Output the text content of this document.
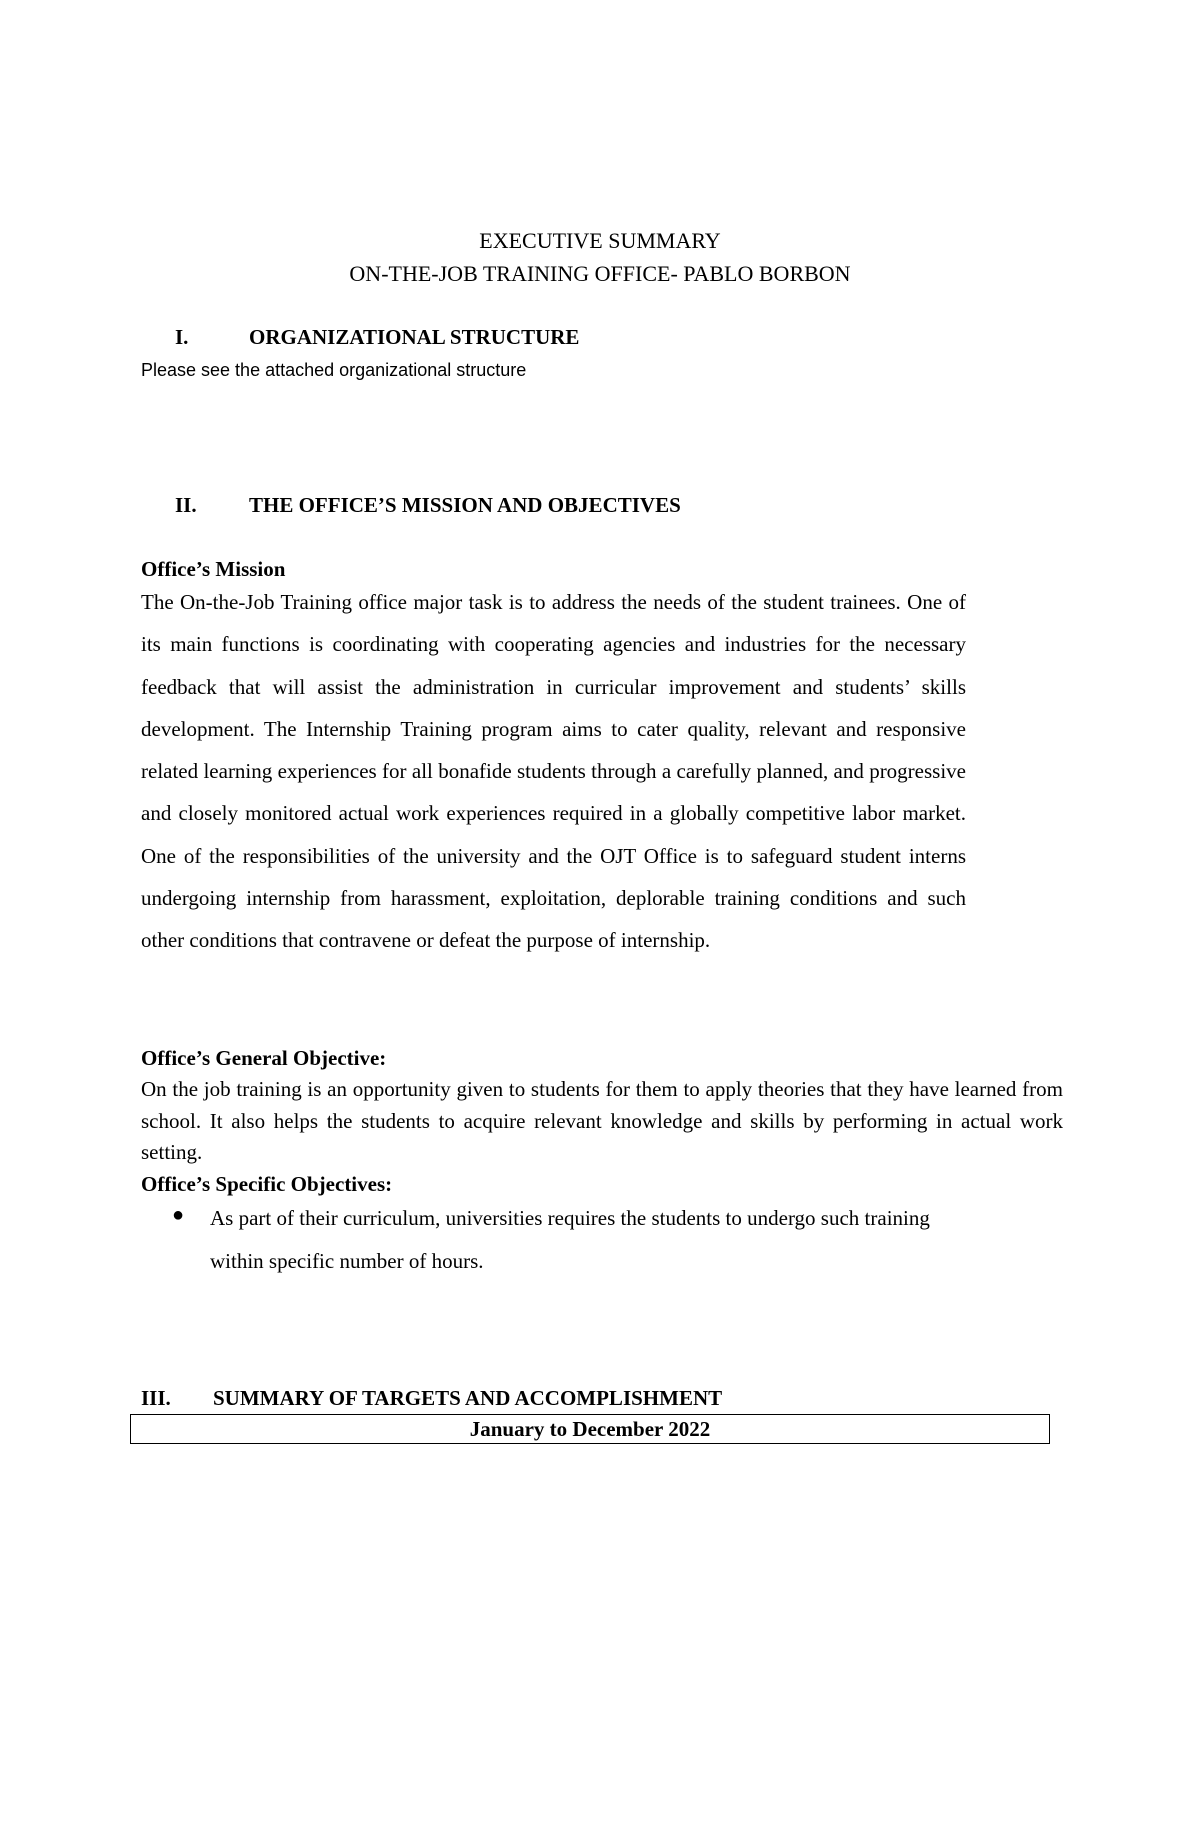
EXECUTIVE SUMMARY
ON-THE-JOB TRAINING OFFICE- PABLO BORBON
I.	ORGANIZATIONAL STRUCTURE
Please see the attached organizational structure
II. THE OFFICE’S MISSION AND OBJECTIVES
Office’s Mission
The On-the-Job Training office major task is to address the needs of the student trainees. One of its main functions is coordinating with cooperating agencies and industries for the necessary feedback that will assist the administration in curricular improvement and students’ skills development. The Internship Training program aims to cater quality, relevant and responsive related learning experiences for all bonafide students through a carefully planned, and progressive and closely monitored actual work experiences required in a globally competitive labor market. One of the responsibilities of the university and the OJT Office is to safeguard student interns undergoing internship from harassment, exploitation, deplorable training conditions and such other conditions that contravene or defeat the purpose of internship.
Office’s General Objective:
On the job training is an opportunity given to students for them to apply theories that they have learned from school. It also helps the students to acquire relevant knowledge and skills by performing in actual work setting.
Office’s Specific Objectives:
● As part of their curriculum, universities requires the students to undergo such training within specific number of hours.
III. SUMMARY OF TARGETS AND ACCOMPLISHMENT
January to December 2022
